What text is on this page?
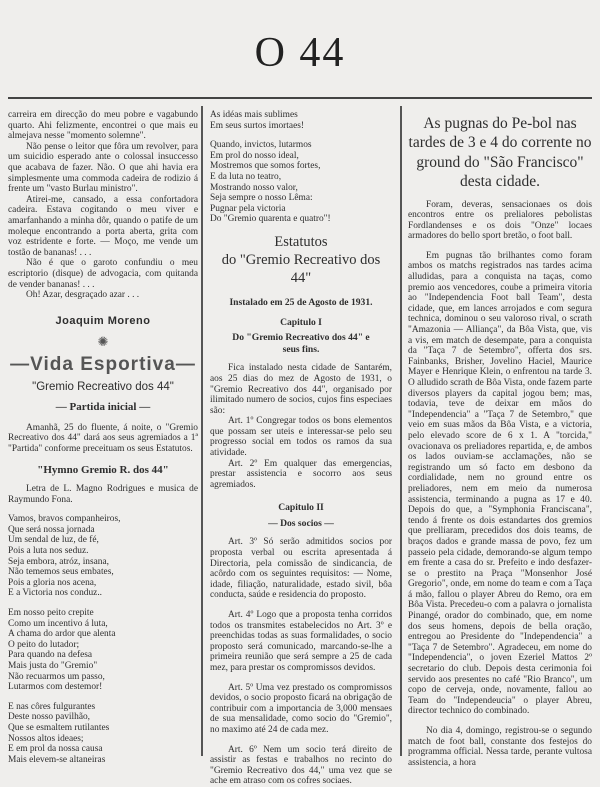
O 44

carreira em direcção do meu pobre e vagabundo quarto. Ahi felizmente, encontrei o que mais eu almejava nesse "momento solemne".

Não pense o leitor que fôra um revolver, para um suicidio esperado ante o colossal insuccesso que acabava de fazer. Não. O que ahi havia era simplesmente uma commoda cadeira de rodizio á frente um "vasto Burlau ministro".

Atirei-me, cansado, a essa confortadora cadeira. Estava cogitando o meu viver e amarfanhando a minha dôr, quando o patife de um moleque encontrando a porta aberta, grita com voz estridente e forte. — Moço, me vende um tostão de bananas! . . .

Não é que o garoto confundiu o meu escriptorio (disque) de advogacia, com quitanda de vender bananas! . . .

Oh! Azar, desgraçado azar . . .

Joaquim Moreno
✺
—Vida Esportiva—
"Gremio Recreativo dos 44"
— Partida inicial —

Amanhã, 25 do fluente, á noite, o "Gremio Recreativo dos 44" dará aos seus agremiados a 1ª "Partida" conforme preceituam os seus Estatutos.

"Hymno Gremio R. dos 44"

Letra de L. Magno Rodrigues e musica de Raymundo Fona.

Vamos, bravos companheiros,
Que será nossa jornada
Um sendal de luz, de fé,
Pois a luta nos seduz.
Seja embora, atróz, insana,
Não tememos seus embates,
Pois a gloria nos acena,
E a Victoria nos conduz..
Em nosso peito crepite
Como um incentivo á luta,
A chama do ardor que alenta
O peito do lutador;
Para quando na defesa
Mais justa do "Gremio"
Não recuarmos um passo,
Lutarmos com destemor!
E nas côres fulgurantes
Deste nosso pavilhão,
Que se esmaltem rutilantes
Nossos altos ideaes;
E em prol da nossa causa
Mais elevem-se altaneiras
As idéas mais sublimes
Em seus surtos imortaes!
Quando, invictos, lutarmos
Em prol do nosso ideal,
Mostremos que somos fortes,
E da luta no teatro,
Mostrando nosso valor,
Seja sempre o nosso Lêma:
Pugnar pela victoria
Do "Gremio quarenta e quatro"!
Estatutos
do "Gremio Recreativo dos 44"
Instalado em 25 de Agosto de 1931.
Capitulo I
Do "Gremio Recreativo dos 44" e seus fins.

Fica instalado nesta cidade de Santarém, aos 25 dias do mez de Agosto de 1931, o "Gremio Recreativo dos 44", organisado por ilimitado numero de socios, cujos fins especiaes são:

Art. 1º Congregar todos os bons elementos que possam ser uteis e interessar-se pelo seu progresso social em todos os ramos da sua atividade.

Art. 2º Em qualquer das emergencias, prestar assistencia e socorro aos seus agremiados.

Capitulo II
— Dos socios —

Art. 3º Só serão admitidos socios por proposta verbal ou escrita apresentada á Directoria, pela comissão de sindicancia, de acôrdo com os seguintes requisitos: — Nome, idade, filiação, naturalidade, estado sivil, bôa conducta, saúde e residencia do proposto.

Art. 4º Logo que a proposta tenha corridos todos os transmites estabelecidos no Art. 3º e preenchidas todas as suas formalidades, o socio proposto será comunicado, marcando-se-lhe a primeira reunião que será sempre a 25 de cada mez, para prestar os compromissos devidos.

Art. 5º Uma vez prestado os compromissos devidos, o socio proposto ficará na obrigação de contribuir com a importancia de 3,000 mensaes de sua mensalidade, como socio do "Gremio", no maximo até 24 de cada mez.

Art. 6º Nem um socio terá direito de assistir as festas e trabalhos no recinto do "Gremio Recreativo dos 44," uma vez que se ache em atraso com os cofres sociaes.

As pugnas do Pe-bol nas tardes de 3 e 4 do corrente no ground do "São Francisco" desta cidade.

Foram, deveras, sensacionaes os dois encontros entre os prelialores pebolistas Fordlandenses e os dois "Onze" locaes armadores do bello sport bretão, o foot ball.

Em pugnas tão brilhantes como foram ambos os matchs registrados nas tardes acima alludidas, para a conquista na taças, como premio aos vencedores, coube a primeira vitoria ao "Independencia Foot ball Team", desta cidade, que, em lances arrojados e com segura technica, dominou o seu valoroso rival, o scrath "Amazonia — Alliança", da Bôa Vista, que, vis a vis, em match de desempate, para a conquista da "Taça 7 de Setembro", offerta dos srs. Fainbanks, Brisher, Jovelino Haciel, Maurice Mayer e Henrique Klein, o enfrentou na tarde 3. O alludido scrath de Bôa Vista, onde fazem parte diversos players da capital jogou bem; mas, todavia, teve de deixar em mãos do "Independencia" a "Taça 7 de Setembro," que veio em suas mãos da Bôa Vista, e a victoria, pelo elevado score de 6 x 1. A "torcida," ovacionava os preliadores repartida, e, de ambos os lados ouviam-se acclamações, não se registrando um só facto em desbono da cordialidade, nem no ground entre os preliadores, nem em meio da numerosa assistencia, terminando a pugna as 17 e 40. Depois do que, a "Symphonia Franciscana", tendo á frente os dois estandartes dos gremios que prelliaram, precedidos dos dois teams, de braços dados e grande massa de povo, fez um passeio pela cidade, demorando-se algum tempo em frente a casa do sr. Prefeito e indo desfazer-se o prestito na Praça "Monsenhor José Gregorio", onde, em nome do team e com a Taça á mão, fallou o player Abreu do Remo, ora em Bôa Vista. Precedeu-o com a palavra o jornalista Pinangé, orador do combinado, que, em nome dos seus homens, depois de bella oração, entregou ao Presidente do "Independencia" a "Taça 7 de Setembro". Agradeceu, em nome do "Independencia", o joven Ezeriel Mattos 2º secretario do club. Depois desta cerimonia foi servido aos presentes no café "Rio Branco", um copo de cerveja, onde, novamente, fallou ao Team do "Independeucia" o player Abreu, director technico do combinado.

No dia 4, domingo, registrou-se o segundo match de foot ball, constante dos festejos do programma official. Nessa tarde, perante vultosa assistencia, a hora
